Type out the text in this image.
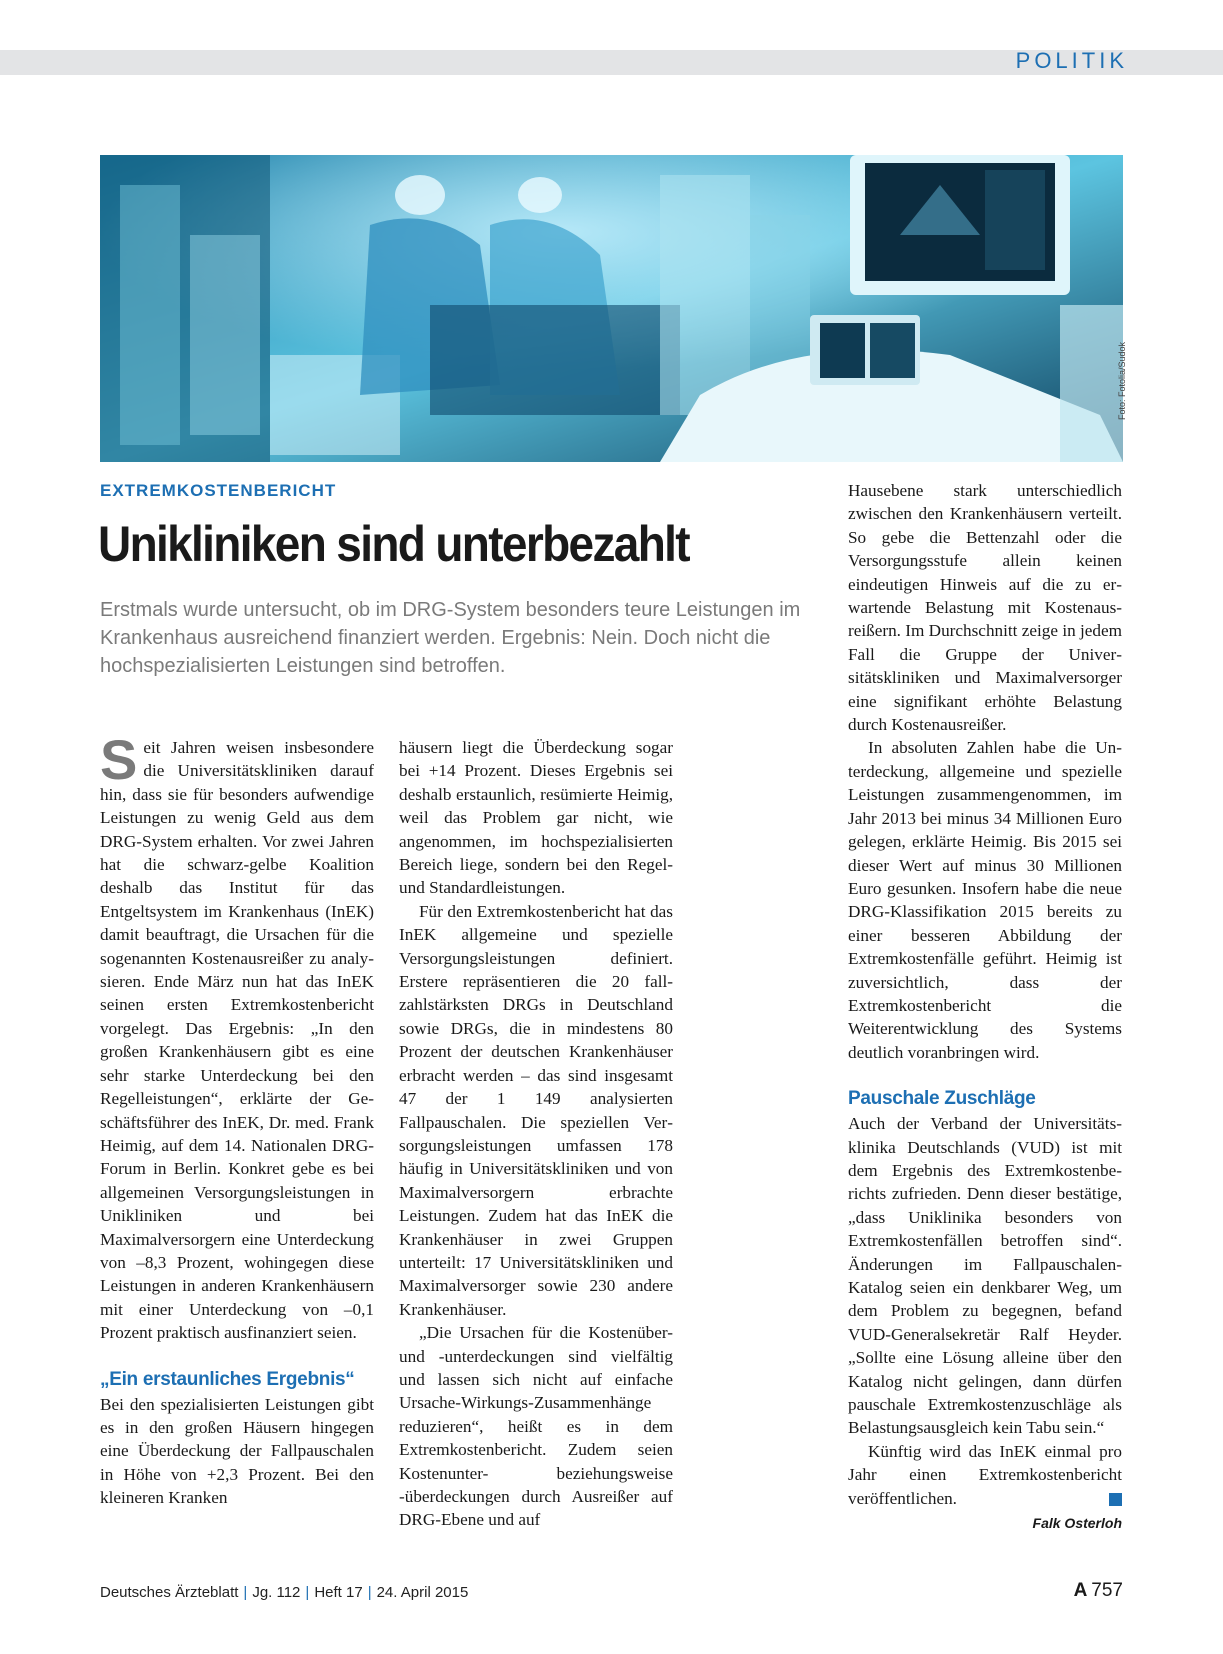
POLITIK
Foto: Fotolia/Sudok
EXTREMKOSTENBERICHT
Unikliniken sind unterbezahlt

Erstmals wurde untersucht, ob im DRG-System besonders teure Leistungen im Krankenhaus ausreichend finanziert werden. Ergebnis: Nein. Doch nicht die hochspezialisierten Leistungen sind betroffen.

Seit Jahren weisen insbesondere die Universitätskliniken darauf hin, dass sie für besonders aufwendige Leistungen zu wenig Geld aus dem DRG-System erhalten. Vor zwei Jahren hat die schwarz-gelbe Koalition deshalb das Institut für das Entgeltsystem im Krankenhaus (InEK) damit beauftragt, die Ursachen für die sogenannten Kostenausreißer zu analysieren. Ende März nun hat das InEK seinen ersten Extremkostenbericht vorgelegt. Das Ergebnis: „In den großen Krankenhäusern gibt es eine sehr starke Unterdeckung bei den Regelleistungen“, erklärte der Geschäftsführer des InEK, Dr. med. Frank Heimig, auf dem 14. Nationalen DRG-Forum in Berlin. Konkret gebe es bei allgemeinen Versorgungsleistungen in Unikliniken und bei Maximalversorgern eine Unterdeckung von –8,3 Prozent, wohingegen diese Leistungen in anderen Krankenhäusern mit einer Unterdeckung von –0,1 Prozent praktisch ausfinanziert seien.

„Ein erstaunliches Ergebnis“

Bei den spezialisierten Leistungen gibt es in den großen Häusern hingegen eine Überdeckung der Fallpauschalen in Höhe von +2,3 Prozent. Bei den kleineren Kranken

häusern liegt die Überdeckung sogar bei +14 Prozent. Dieses Ergebnis sei deshalb erstaunlich, resümierte Heimig, weil das Problem gar nicht, wie angenommen, im hochspezialisierten Bereich liege, sondern bei den Regel- und Standardleistungen.

Für den Extremkostenbericht hat das InEK allgemeine und spezielle Versorgungsleistungen definiert. Erstere repräsentieren die 20 fallzahlstärksten DRGs in Deutschland sowie DRGs, die in mindestens 80 Prozent der deutschen Krankenhäuser erbracht werden – das sind insgesamt 47 der 1 149 analysierten Fallpauschalen. Die speziellen Versorgungsleistungen umfassen 178 häufig in Universitätskliniken und von Maximalversorgern erbrachte Leistungen. Zudem hat das InEK die Krankenhäuser in zwei Gruppen unterteilt: 17 Universitätskliniken und Maximalversorger sowie 230 andere Krankenhäuser.

„Die Ursachen für die Kostenüber- und -unterdeckungen sind vielfältig und lassen sich nicht auf einfache Ursache-Wirkungs-Zusammenhänge reduzieren“, heißt es in dem Extremkostenbericht. Zudem seien Kostenunter- beziehungsweise -überdeckungen durch Ausreißer auf DRG-Ebene und auf

Hausebene stark unterschiedlich zwischen den Krankenhäusern verteilt. So gebe die Bettenzahl oder die Versorgungsstufe allein keinen eindeutigen Hinweis auf die zu erwartende Belastung mit Kostenausreißern. Im Durchschnitt zeige in jedem Fall die Gruppe der Universitätskliniken und Maximalversorger eine signifikant erhöhte Belastung durch Kostenausreißer.

In absoluten Zahlen habe die Unterdeckung, allgemeine und spezielle Leistungen zusammengenommen, im Jahr 2013 bei minus 34 Millionen Euro gelegen, erklärte Heimig. Bis 2015 sei dieser Wert auf minus 30 Millionen Euro gesunken. Insofern habe die neue DRG-Klassifikation 2015 bereits zu einer besseren Abbildung der Extremkostenfälle geführt. Heimig ist zuversichtlich, dass der Extremkostenbericht die Weiterentwicklung des Systems deutlich voranbringen wird.

Pauschale Zuschläge

Auch der Verband der Universitätsklinika Deutschlands (VUD) ist mit dem Ergebnis des Extremkostenberichts zufrieden. Denn dieser bestätige, „dass Uniklinika besonders von Extremkostenfällen betroffen sind“. Änderungen im Fallpauschalen-Katalog seien ein denkbarer Weg, um dem Problem zu begegnen, befand VUD-Generalsekretär Ralf Heyder. „Sollte eine Lösung alleine über den Katalog nicht gelingen, dann dürfen pauschale Extremkostenzuschläge als Belastungsausgleich kein Tabu sein.“

Künftig wird das InEK einmal pro Jahr einen Extremkostenbericht veröffentlichen.

Falk Osterloh
Deutsches Ärzteblatt | Jg. 112 | Heft 17 | 24. April 2015	A 757
